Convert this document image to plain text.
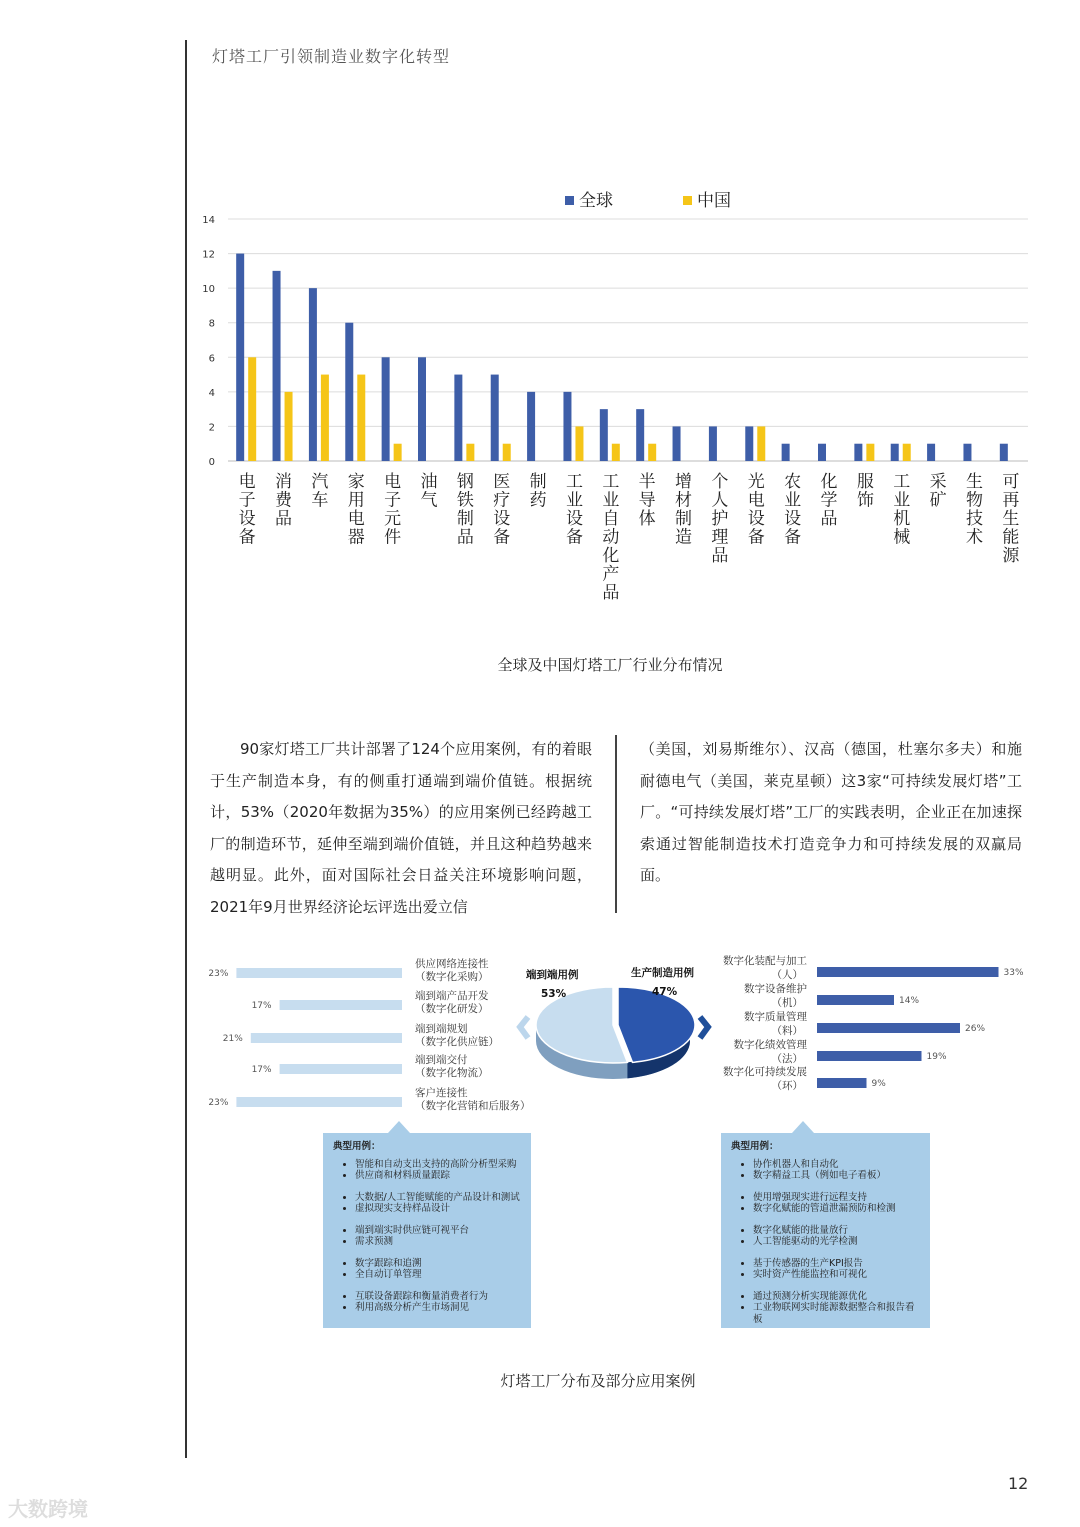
灯塔工厂引领制造业数字化转型
0
2
4
6
8
10
12
14
电子设备
消费品
汽车
家用电器
电子元件
油气
钢铁制品
医疗设备
制药
工业设备
工业自动化产品
半导体
增材制造
个人护理品
光电设备
农业设备
化学品
服饰
工业机械
采矿
生物技术
可再生能源
全球	中国
全球及中国灯塔工厂行业分布情况
90家灯塔工厂共计部署了124个应用案例，有的着眼于生产制造本身，有的侧重打通端到端价值链。根据统计，53%（2020年数据为35%）的应用案例已经跨越工厂的制造环节，延伸至端到端价值链，并且这种趋势越来越明显。此外，面对国际社会日益关注环境影响问题，2021年9月世界经济论坛评选出爱立信
（美国，刘易斯维尔）、汉高（德国，杜塞尔多夫）和施耐德电气（美国，莱克星顿）这3家“可持续发展灯塔”工厂。“可持续发展灯塔”工厂的实践表明，企业正在加速探索通过智能制造技术打造竞争力和可持续发展的双赢局面。
23%
供应网络连接性
（数字化采购）
17%
端到端产品开发
（数字化研发）
21%
端到端规划
（数字化供应链）
17%
端到端交付
（数字化物流）
23%
客户连接性
（数字化营销和后服务）
33%
数字化装配与加工
（人）
14%
数字设备维护
（机）
26%
数字质量管理
（料）
19%
数字化绩效管理
（法）
9%
数字化可持续发展
（环）
端到端用例
53%
生产制造用例
47%
典型用例：
• 智能和自动支出支持的高阶分析型采购
• 供应商和材料质量跟踪
• 大数据/人工智能赋能的产品设计和测试
• 虚拟现实支持样品设计
• 端到端实时供应链可视平台
• 需求预测
• 数字跟踪和追溯
• 全自动订单管理
• 互联设备跟踪和衡量消费者行为
• 利用高级分析产生市场洞见
典型用例：
• 协作机器人和自动化
• 数字精益工具（例如电子看板）
• 使用增强现实进行远程支持
• 数字化赋能的管道泄漏预防和检测
• 数字化赋能的批量放行
• 人工智能驱动的光学检测
• 基于传感器的生产KPI报告
• 实时资产性能监控和可视化
• 通过预测分析实现能源优化
• 工业物联网实时能源数据整合和报告看板
灯塔工厂分布及部分应用案例
12
大数跨境
